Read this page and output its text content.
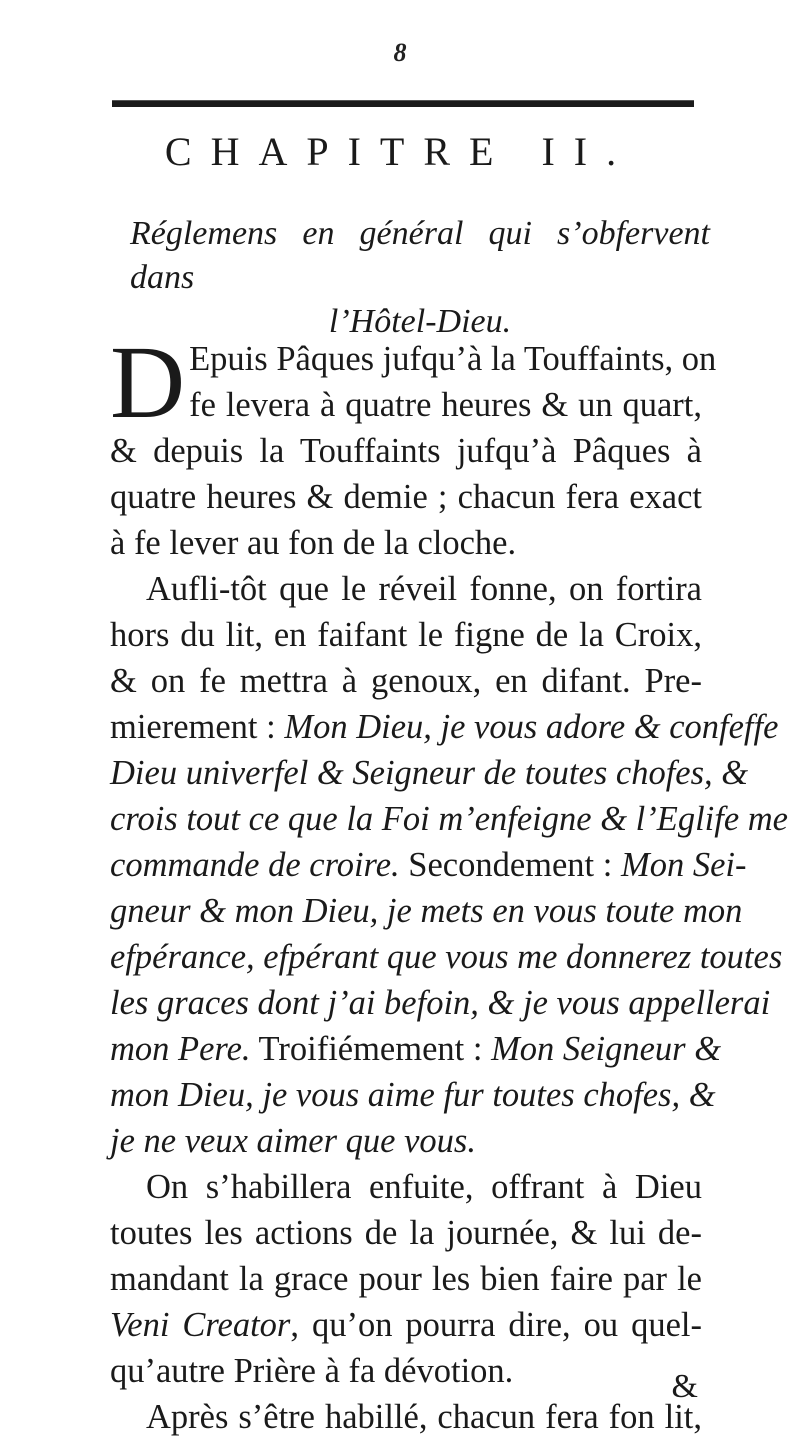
8
CHAPITRE II.
Réglemens en général qui s’obfervent dans
l’Hôtel-Dieu.
D Epuis Pâques jufqu’à la Touffaints, on
fe levera à quatre heures & un quart,
& depuis la Touffaints jufqu’à Pâques à
quatre heures & demie ; chacun fera exact
à fe lever au fon de la cloche.
Aufli-tôt que le réveil fonne, on fortira
hors du lit, en faifant le figne de la Croix,
& on fe mettra à genoux, en difant. Pre-
mierement : Mon Dieu, je vous adore & confeffe
Dieu univerfel & Seigneur de toutes chofes, &
crois tout ce que la Foi m’enfeigne & l’Eglife me
commande de croire. Secondement : Mon Sei-
gneur & mon Dieu, je mets en vous toute mon
efpérance, efpérant que vous me donnerez toutes
les graces dont j’ai befoin, & je vous appellerai
mon Pere. Troifiémement : Mon Seigneur &
mon Dieu, je vous aime fur toutes chofes, &
je ne veux aimer que vous.
On s’habillera enfuite, offrant à Dieu
toutes les actions de la journée, & lui de-
mandant la grace pour les bien faire par le
Veni Creator, qu’on pourra dire, ou quel-
qu’autre Prière à fa dévotion.
Après s’être habillé, chacun fera fon lit,
&
